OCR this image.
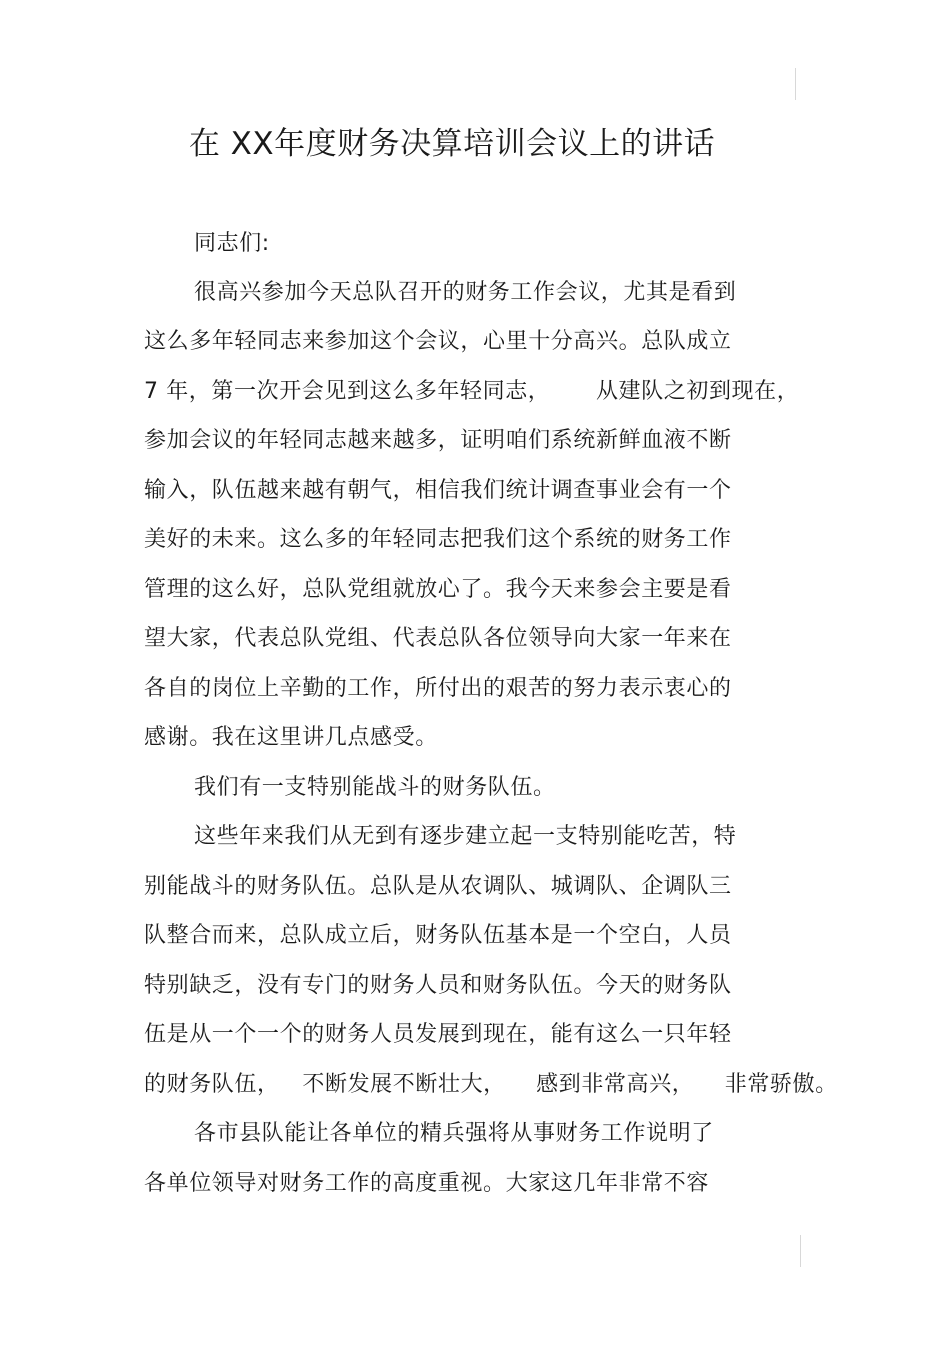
在 XX年度财务决算培训会议上的讲话
同志们:
很高兴参加今天总队召开的财务工作会议，尤其是看到
这么多年轻同志来参加这个会议，心里十分高兴。总队成立
7 年，第一次开会见到这么多年轻同志，      从建队之初到现在，
参加会议的年轻同志越来越多，证明咱们系统新鲜血液不断
输入，队伍越来越有朝气，相信我们统计调查事业会有一个
美好的未来。这么多的年轻同志把我们这个系统的财务工作
管理的这么好，总队党组就放心了。我今天来参会主要是看
望大家，代表总队党组、代表总队各位领导向大家一年来在
各自的岗位上辛勤的工作，所付出的艰苦的努力表示衷心的
感谢。我在这里讲几点感受。
我们有一支特别能战斗的财务队伍。
这些年来我们从无到有逐步建立起一支特别能吃苦，特
别能战斗的财务队伍。总队是从农调队、城调队、企调队三
队整合而来，总队成立后，财务队伍基本是一个空白，人员
特别缺乏，没有专门的财务人员和财务队伍。今天的财务队
伍是从一个一个的财务人员发展到现在，能有这么一只年轻
的财务队伍，   不断发展不断壮大，    感到非常高兴，    非常骄傲。
各市县队能让各单位的精兵强将从事财务工作说明了
各单位领导对财务工作的高度重视。大家这几年非常不容
